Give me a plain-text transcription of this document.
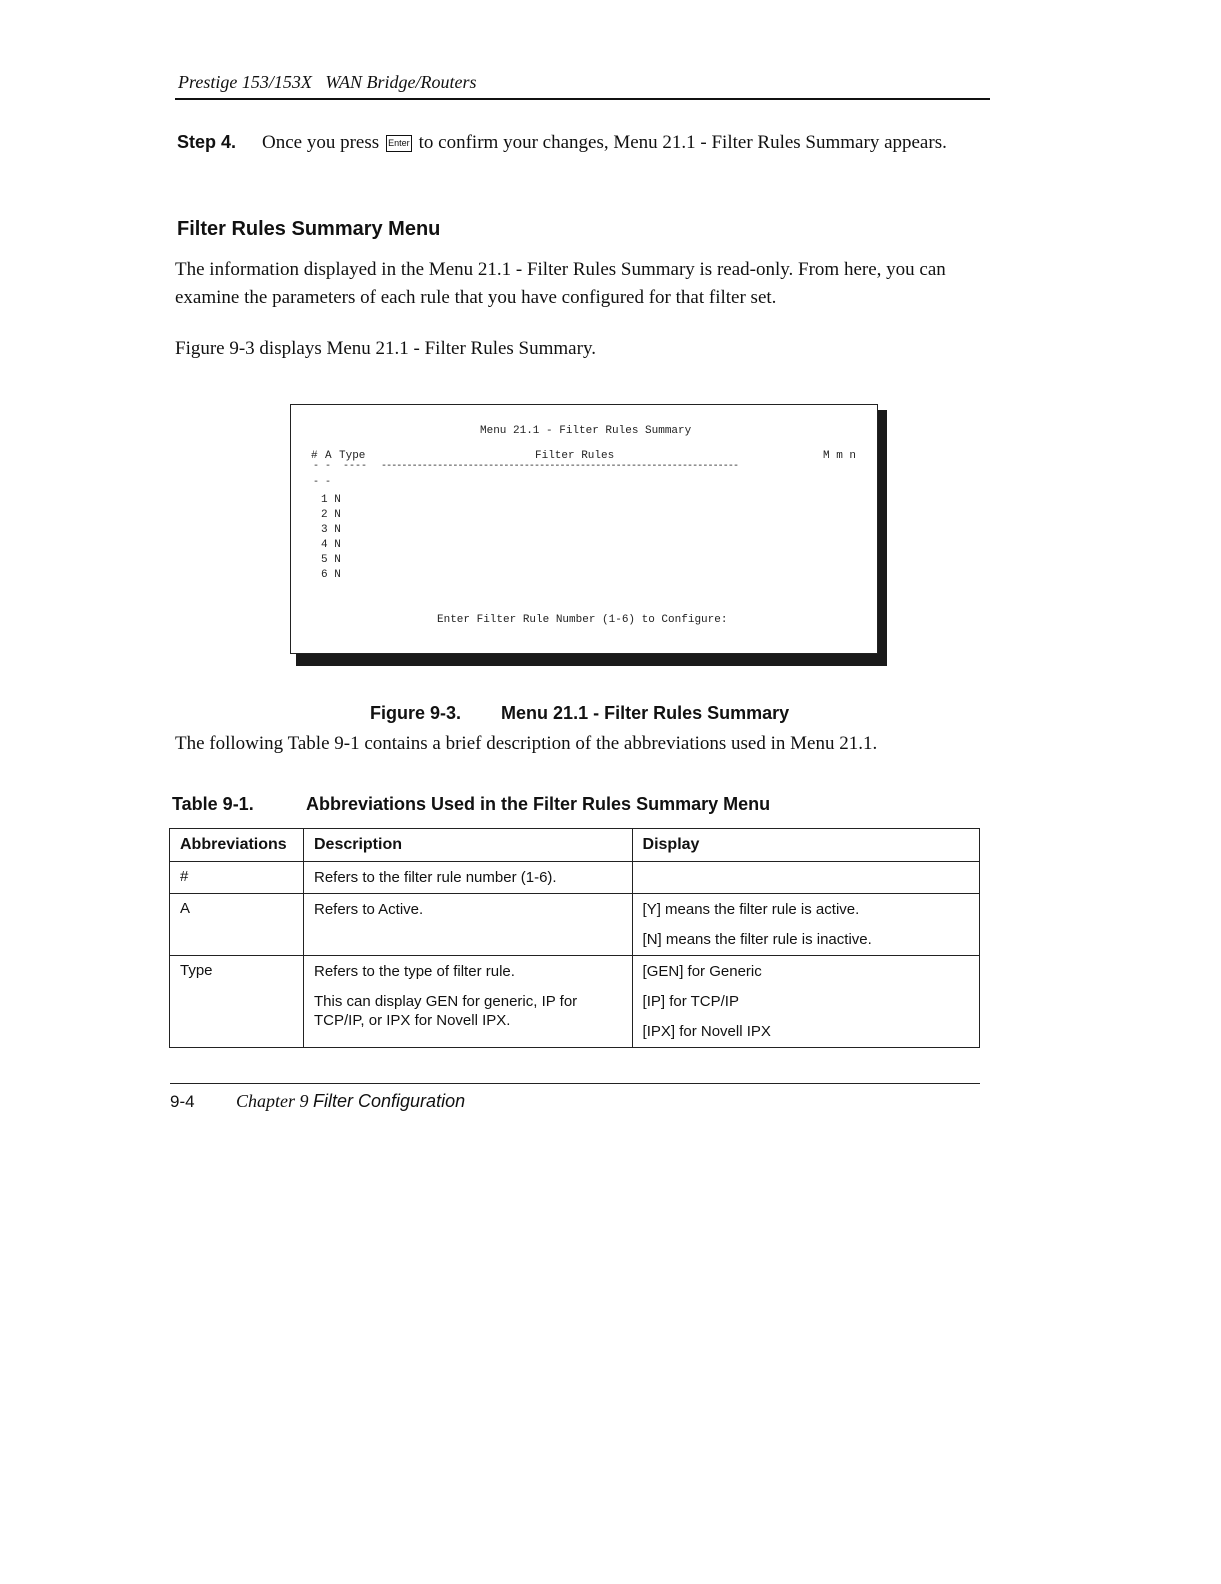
Prestige 153/153X   WAN Bridge/Routers
Step 4. Once you press Enter to confirm your changes, Menu 21.1 - Filter Rules Summary appears.
Filter Rules Summary Menu
The information displayed in the Menu 21.1 - Filter Rules Summary is read-only. From here, you can examine the parameters of each rule that you have configured for that filter set.
Figure 9-3 displays Menu 21.1 - Filter Rules Summary.
Menu 21.1 - Filter Rules Summary
# A Type	Filter Rules	M m n
- -  ---- ----------------------------------------------------------------------
- -
1 N
2 N
3 N
4 N
5 N
6 N
Enter Filter Rule Number (1-6) to Configure:

Figure 9-3. Menu 21.1 - Filter Rules Summary

The following Table 9-1 contains a brief description of the abbreviations used in Menu 21.1.
Table 9-1.	Abbreviations Used in the Filter Rules Summary Menu
Abbreviations	Description	Display
#	Refers to the filter rule number (1-6).	

A	Refers to Active.	[Y] means the filter rule is active.
[N] means the filter rule is inactive.

Type	Refers to the type of filter rule.
This can display GEN for generic, IP for TCP/IP, or IPX for Novell IPX.	[GEN] for Generic
[IP] for TCP/IP
[IPX] for Novell IPX
9-4 Chapter 9 Filter Configuration
